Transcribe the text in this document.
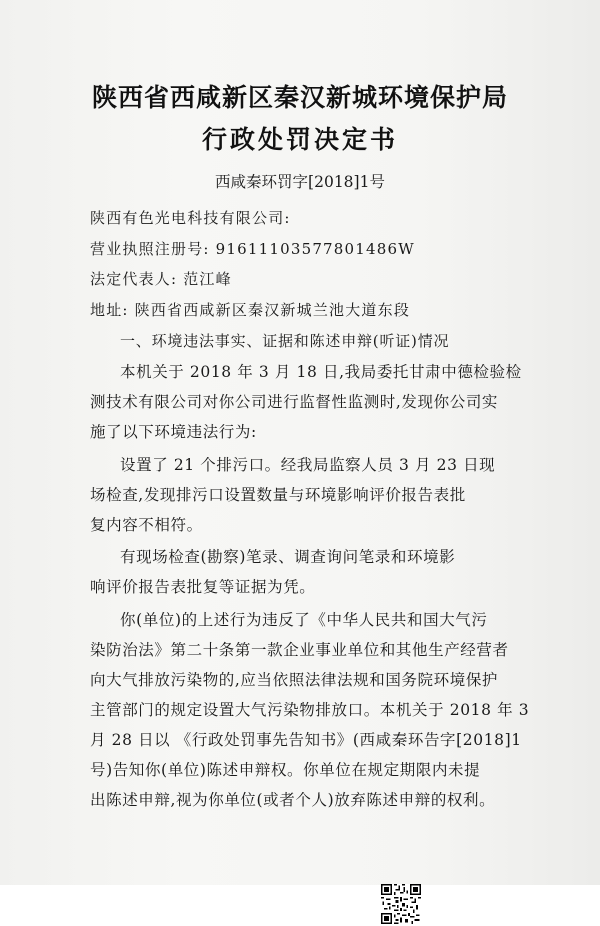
陕西省西咸新区秦汉新城环境保护局
行政处罚决定书
西咸秦环罚字[2018]1号
陕西有色光电科技有限公司:
营业执照注册号: 91611103577801486W
法定代表人: 范江峰
地址: 陕西省西咸新区秦汉新城兰池大道东段
一、环境违法事实、证据和陈述申辩(听证)情况
本机关于 2018 年 3 月 18 日,我局委托甘肃中德检验检
测技术有限公司对你公司进行监督性监测时,发现你公司实
施了以下环境违法行为:
设置了 21 个排污口。经我局监察人员 3 月 23 日现
场检查,发现排污口设置数量与环境影响评价报告表批
复内容不相符。
有现场检查(勘察)笔录、调查询问笔录和环境影
响评价报告表批复等证据为凭。
你(单位)的上述行为违反了《中华人民共和国大气污
染防治法》第二十条第一款企业事业单位和其他生产经营者
向大气排放污染物的,应当依照法律法规和国务院环境保护
主管部门的规定设置大气污染物排放口。本机关于 2018 年 3
月 28 日以 《行政处罚事先告知书》(西咸秦环告字[2018]1
号)告知你(单位)陈述申辩权。你单位在规定期限内未提
出陈述申辩,视为你单位(或者个人)放弃陈述申辩的权利。
